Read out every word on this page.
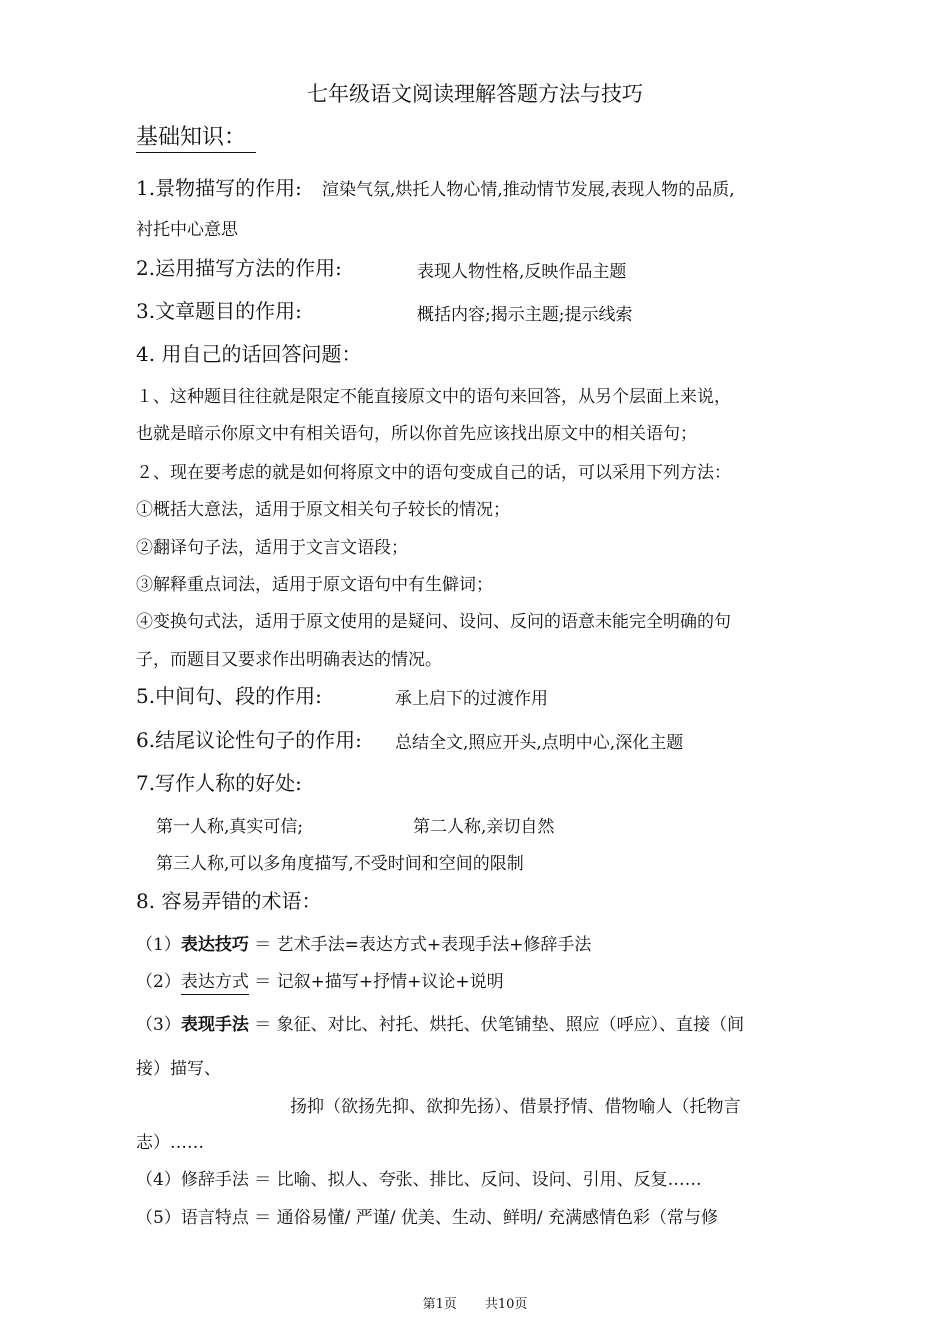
七年级语文阅读理解答题方法与技巧
基础知识：
1.景物描写的作用: 渲染气氛,烘托人物心情,推动情节发展,表现人物的品质,
衬托中心意思
2.运用描写方法的作用:	表现人物性格,反映作品主题
3.文章题目的作用:	概括内容;揭示主题;提示线索
4. 用自己的话回答问题：
１、这种题目往往就是限定不能直接原文中的语句来回答，从另个层面上来说，
也就是暗示你原文中有相关语句，所以你首先应该找出原文中的相关语句；
２、现在要考虑的就是如何将原文中的语句变成自己的话，可以采用下列方法：
①概括大意法，适用于原文相关句子较长的情况；
②翻译句子法，适用于文言文语段；
③解释重点词法，适用于原文语句中有生僻词；
④变换句式法，适用于原文使用的是疑问、设问、反问的语意未能完全明确的句
子，而题目又要求作出明确表达的情况。
5.中间句、段的作用:	承上启下的过渡作用
6.结尾议论性句子的作用: 总结全文,照应开头,点明中心,深化主题
7.写作人称的好处:
第一人称,真实可信;	第二人称,亲切自然
第三人称,可以多角度描写,不受时间和空间的限制
8. 容易弄错的术语：
（1）表达技巧 ＝ 艺术手法=表达方式+表现手法+修辞手法
（2）表达方式 ＝ 记叙+描写+抒情+议论+说明
（3）表现手法 ＝ 象征、对比、衬托、烘托、伏笔铺垫、照应（呼应）、直接（间
接）描写、
扬抑（欲扬先抑、欲抑先扬）、借景抒情、借物喻人（托物言
志）……
（4）修辞手法 ＝ 比喻、拟人、夸张、排比、反问、设问、引用、反复……
（5）语言特点 ＝ 通俗易懂/ 严谨/ 优美、生动、鲜明/ 充满感情色彩（常与修
第1页 共10页
